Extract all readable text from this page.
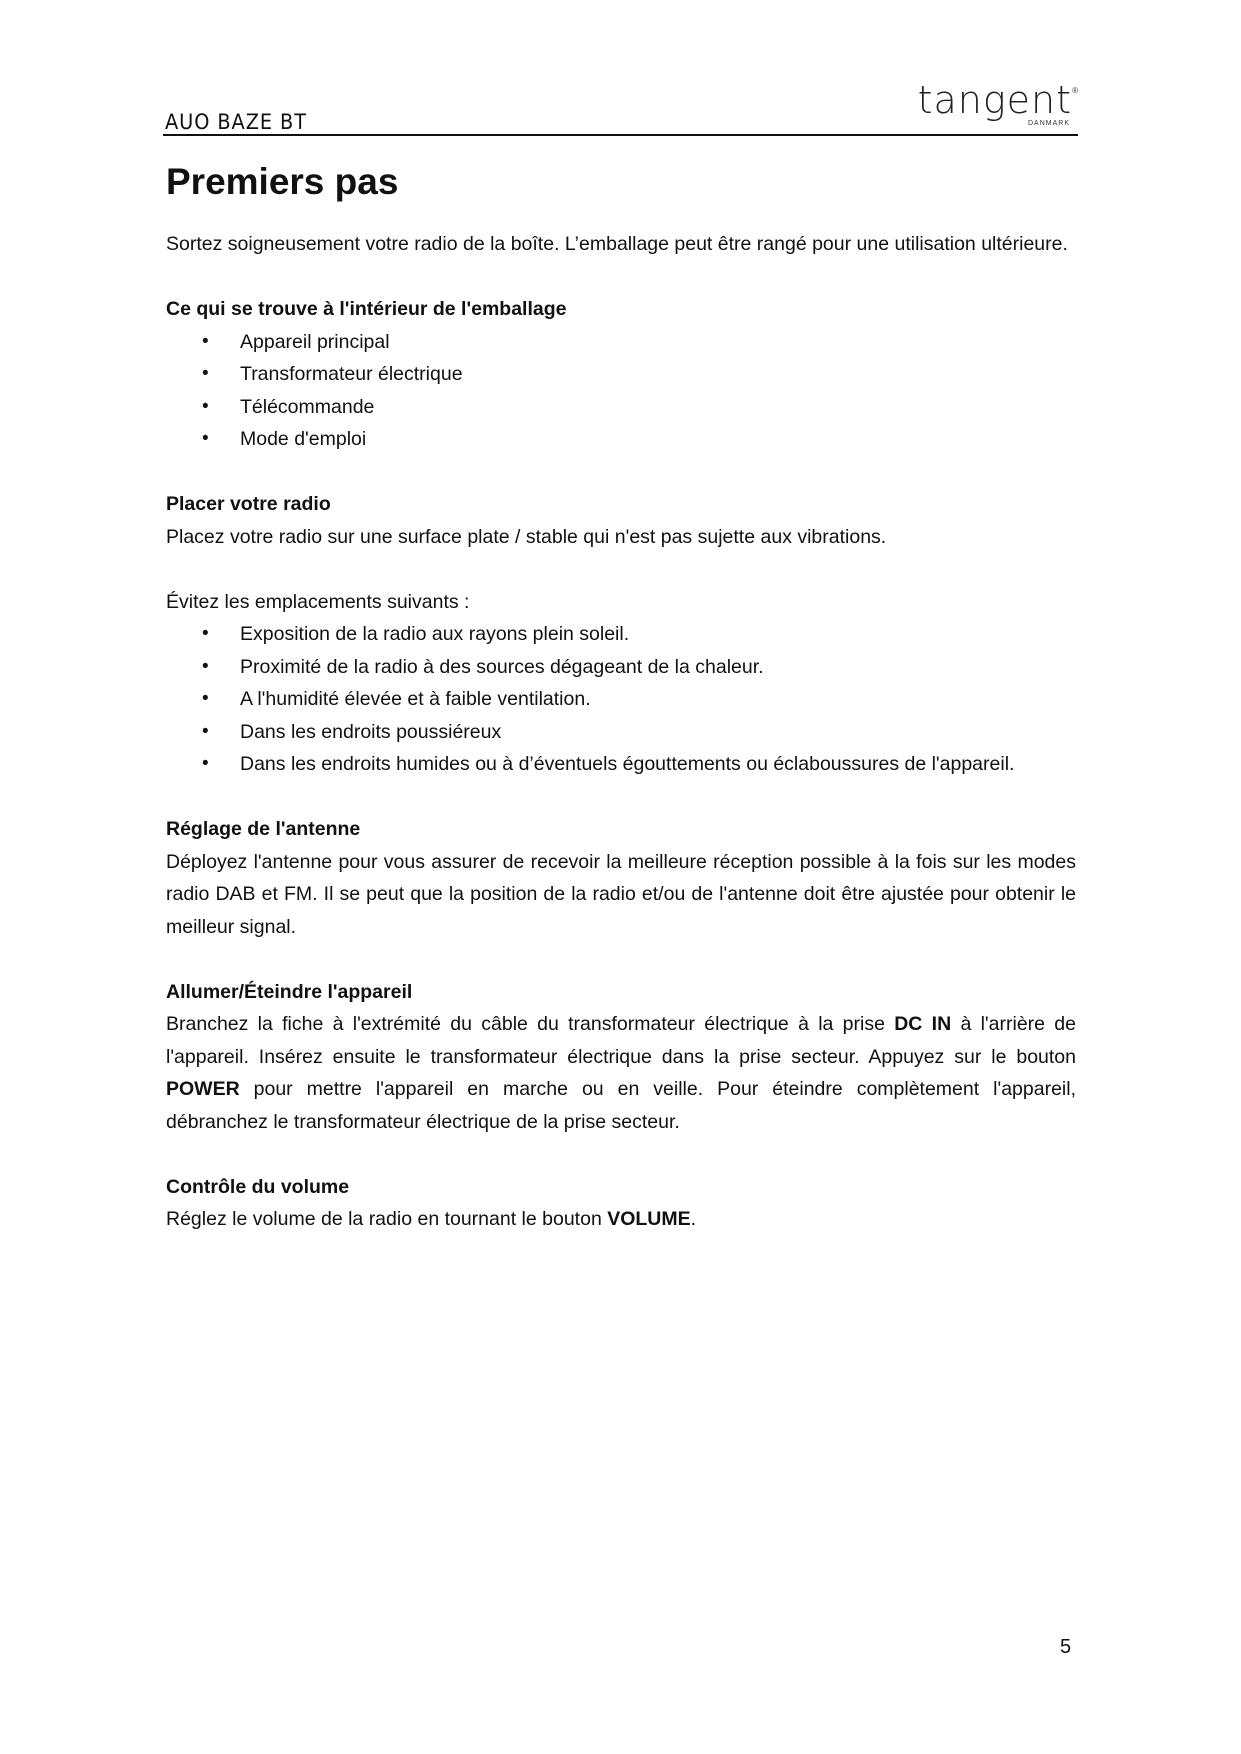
AUO BAZE BT	tangent ®
DANMARK
Premiers pas

Sortez soigneusement votre radio de la boîte. L’emballage peut être rangé pour une utilisation ultérieure.

Ce qui se trouve à l'intérieur de l'emballage
• Appareil principal
• Transformateur électrique
• Télécommande
• Mode d'emploi
Placer votre radio

Placez votre radio sur une surface plate / stable qui n'est pas sujette aux vibrations.

Évitez les emplacements suivants :

• Exposition de la radio aux rayons plein soleil.
• Proximité de la radio à des sources dégageant de la chaleur.
• A l'humidité élevée et à faible ventilation.
• Dans les endroits poussiéreux
• Dans les endroits humides ou à d’éventuels égouttements ou éclaboussures de l'appareil.
Réglage de l'antenne

Déployez l'antenne pour vous assurer de recevoir la meilleure réception possible à la fois sur les modes radio DAB et FM. Il se peut que la position de la radio et/ou de l'antenne doit être ajustée pour obtenir le meilleur signal.

Allumer/Éteindre l'appareil

Branchez la fiche à l'extrémité du câble du transformateur électrique à la prise DC IN à l'arrière de l'appareil. Insérez ensuite le transformateur électrique dans la prise secteur. Appuyez sur le bouton POWER pour mettre l'appareil en marche ou en veille. Pour éteindre complètement l'appareil, débranchez le transformateur électrique de la prise secteur.

Contrôle du volume

Réglez le volume de la radio en tournant le bouton VOLUME.

5
